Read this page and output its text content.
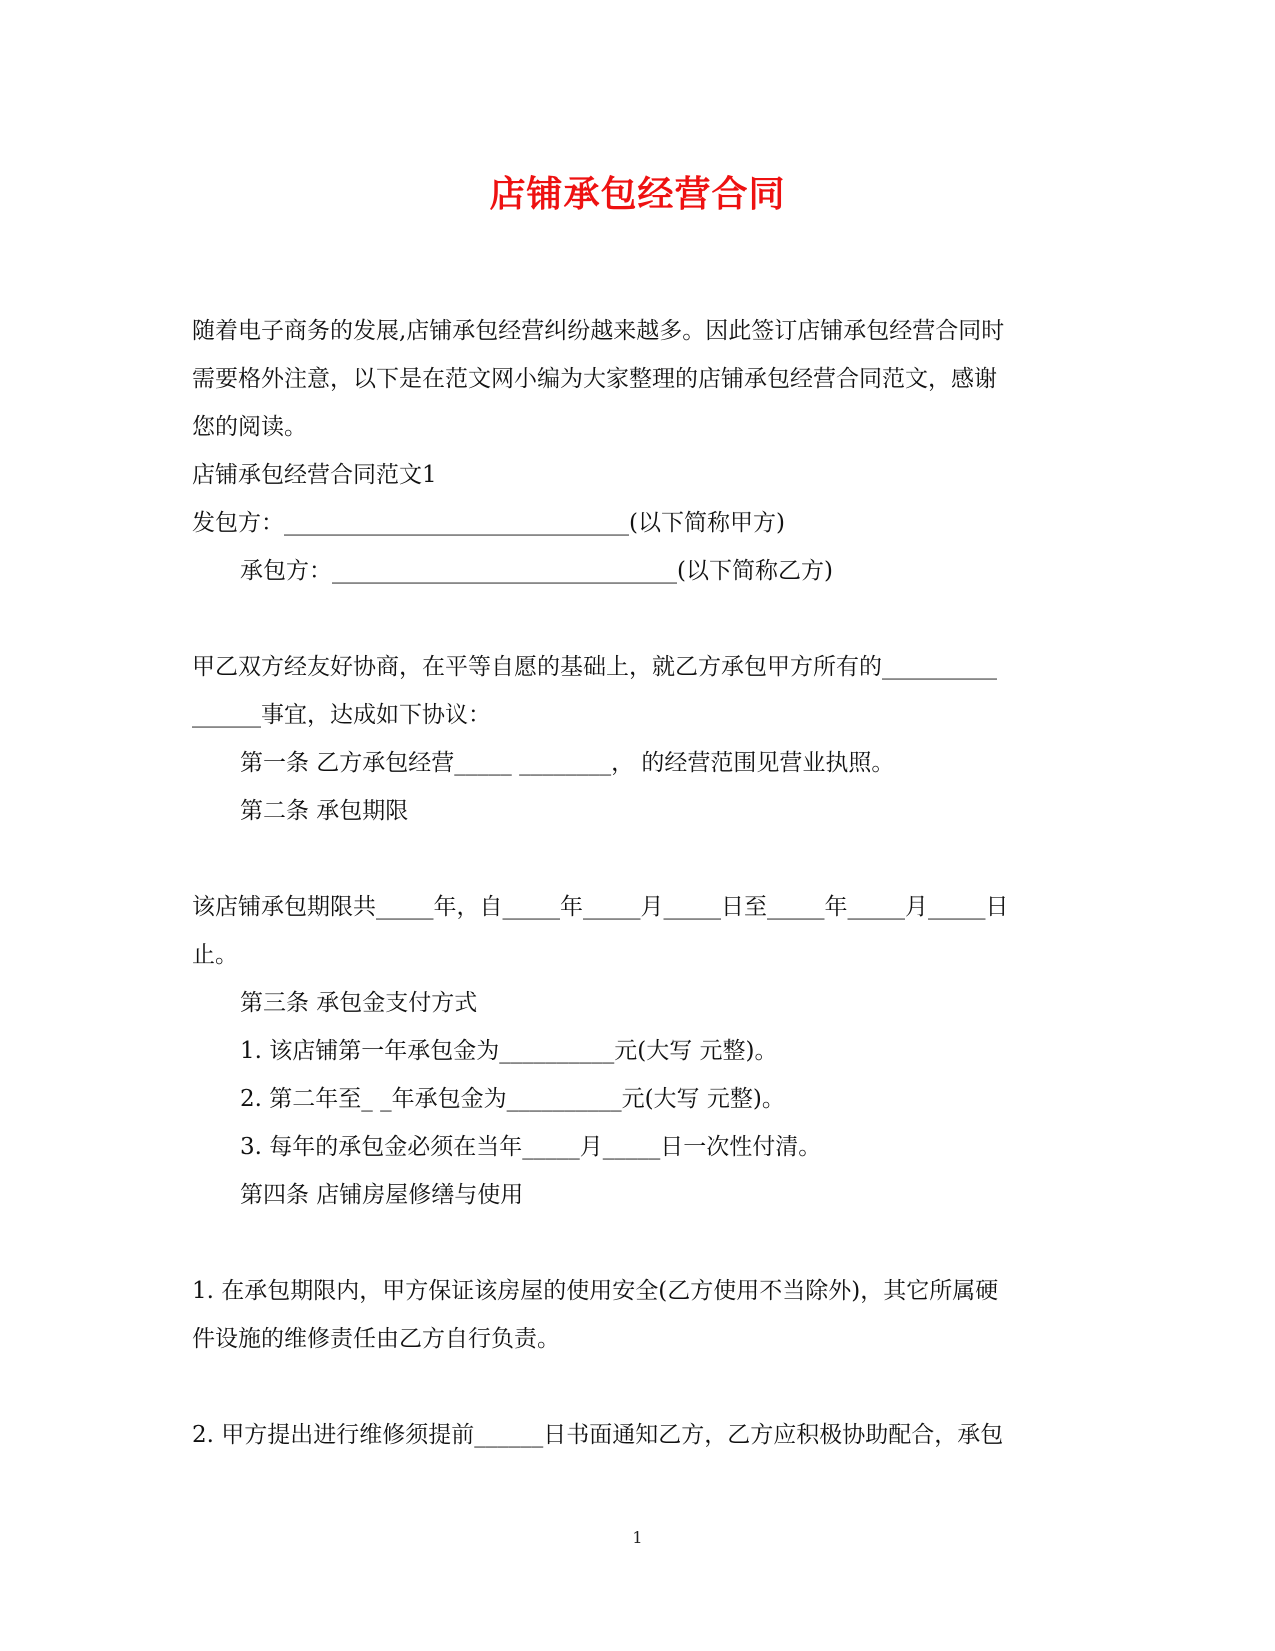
店铺承包经营合同

随着电子商务的发展,店铺承包经营纠纷越来越多。因此签订店铺承包经营合同时

需要格外注意，以下是在范文网小编为大家整理的店铺承包经营合同范文，感谢

您的阅读。

店铺承包经营合同范文1

发包方：______________________________(以下简称甲方)

承包方：______________________________(以下简称乙方)

甲乙双方经友好协商，在平等自愿的基础上，就乙方承包甲方所有的__________

______事宜，达成如下协议：

第一条 乙方承包经营_____ ________， 的经营范围见营业执照。

第二条 承包期限

该店铺承包期限共_____年，自_____年_____月_____日至_____年_____月_____日

止。

第三条 承包金支付方式

1. 该店铺第一年承包金为__________元(大写 元整)。

2. 第二年至_ _年承包金为__________元(大写 元整)。

3. 每年的承包金必须在当年_____月_____日一次性付清。

第四条 店铺房屋修缮与使用

1. 在承包期限内，甲方保证该房屋的使用安全(乙方使用不当除外)，其它所属硬

件设施的维修责任由乙方自行负责。

2. 甲方提出进行维修须提前______日书面通知乙方，乙方应积极协助配合，承包

1
